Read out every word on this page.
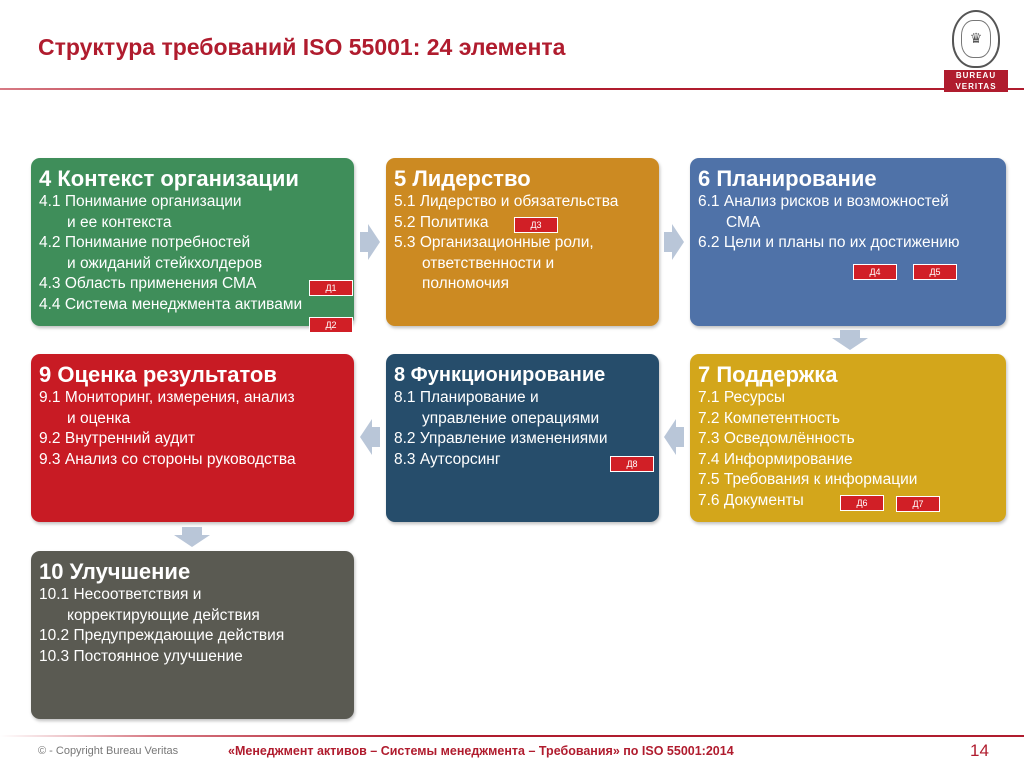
Структура требований ISO 55001: 24 элемента	♛
BUREAU
VERITAS
4 Контекст организации
4.1 Понимание организации
и ее контекста
4.2 Понимание потребностей
и ожиданий стейкхолдеров
4.3 Область применения СМА
4.4 Система менеджмента активами
Д1
Д2
5 Лидерство
5.1 Лидерство и обязательства
5.2 Политика
5.3 Организационные роли,
ответственности и
полномочия
Д3
6 Планирование
6.1 Анализ рисков и возможностей
СМА
6.2 Цели и планы по их достижению
Д4	Д5
9 Оценка результатов
9.1 Мониторинг, измерения, анализ
и оценка
9.2 Внутренний аудит
9.3 Анализ со стороны руководства
8 Функционирование
8.1 Планирование и
управление операциями
8.2 Управление изменениями
8.3 Аутсорсинг	Д8
7 Поддержка
7.1 Ресурсы
7.2 Компетентность
7.3 Осведомлённость
7.4 Информирование
7.5 Требования к информации
7.6 Документы	Д6	Д7
10 Улучшение
10.1 Несоответствия и
корректирующие действия
10.2 Предупреждающие действия
10.3 Постоянное улучшение
© - Copyright Bureau Veritas	«Менеджмент активов – Системы менеджмента – Требования» по ISO 55001:2014	14
